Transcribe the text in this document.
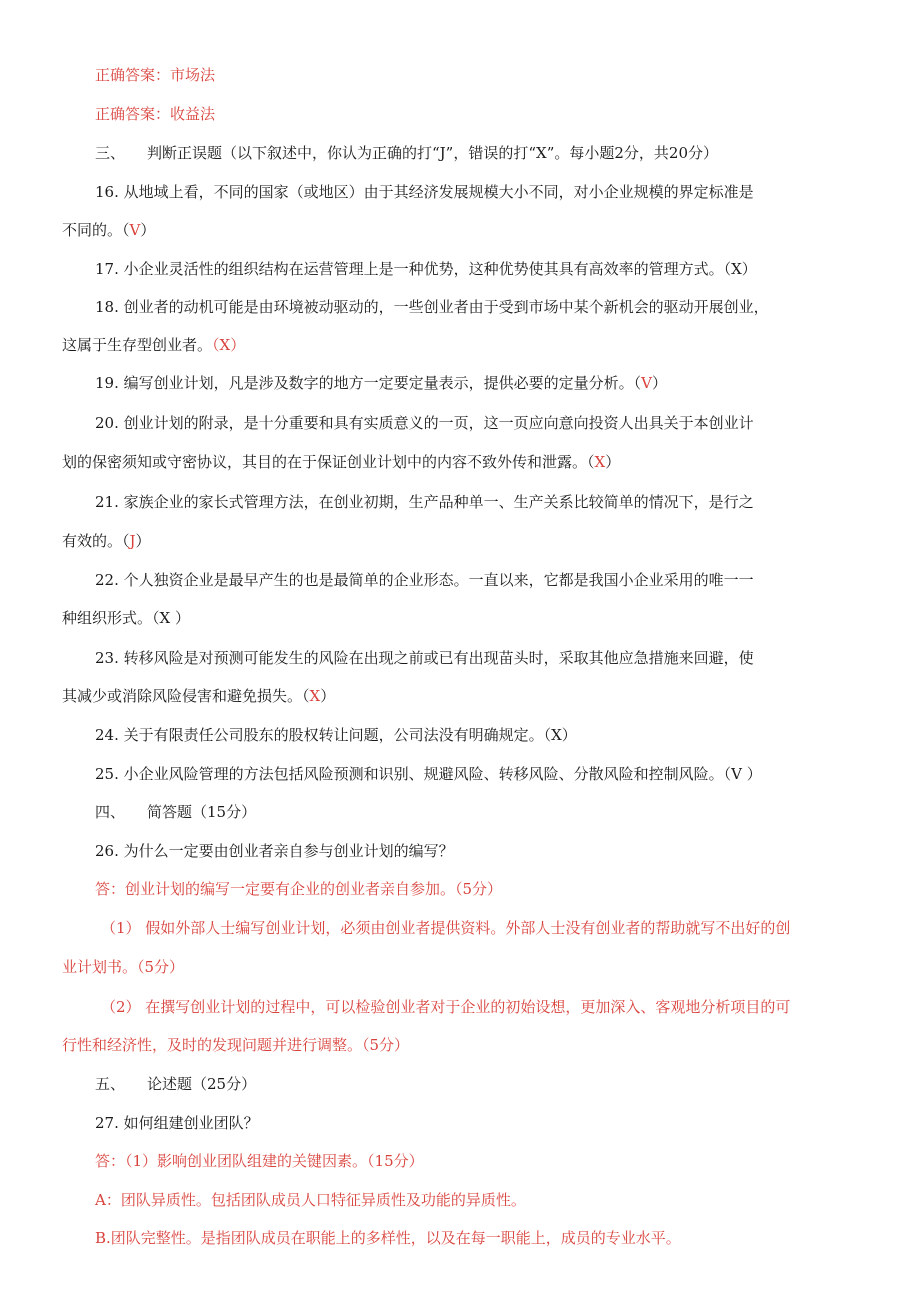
正确答案：市场法
正确答案：收益法
三、 判断正误题（以下叙述中，你认为正确的打“J”，错误的打“X”。每小题2分，共20分）
16. 从地域上看，不同的国家（或地区）由于其经济发展规模大小不同，对小企业规模的界定标准是
不同的。（V）
17. 小企业灵活性的组织结构在运营管理上是一种优势，这种优势使其具有高效率的管理方式。（X）
18. 创业者的动机可能是由环境被动驱动的，一些创业者由于受到市场中某个新机会的驱动开展创业，
这属于生存型创业者。（X）
19. 编写创业计划，凡是涉及数字的地方一定要定量表示，提供必要的定量分析。（V）
20. 创业计划的附录，是十分重要和具有实质意义的一页，这一页应向意向投资人出具关于本创业计
划的保密须知或守密协议，其目的在于保证创业计划中的内容不致外传和泄露。（X）
21. 家族企业的家长式管理方法，在创业初期，生产品种单一、生产关系比较简单的情况下，是行之
有效的。（J）
22. 个人独资企业是最早产生的也是最简单的企业形态。一直以来，它都是我国小企业采用的唯一一
种组织形式。（X ）
23. 转移风险是对预测可能发生的风险在出现之前或已有出现苗头时，采取其他应急措施来回避，使
其减少或消除风险侵害和避免损失。（X）
24. 关于有限责任公司股东的股权转让问题，公司法没有明确规定。（X）
25. 小企业风险管理的方法包括风险预测和识别、规避风险、转移风险、分散风险和控制风险。（V ）
四、 简答题（15分）
26. 为什么一定要由创业者亲自参与创业计划的编写？
答：创业计划的编写一定要有企业的创业者亲自参加。（5分）
（1） 假如外部人士编写创业计划，必须由创业者提供资料。外部人士没有创业者的帮助就写不出好的创
业计划书。（5分）
（2） 在撰写创业计划的过程中，可以检验创业者对于企业的初始设想，更加深入、客观地分析项目的可
行性和经济性，及时的发现问题并进行调整。（5分）
五、 论述题（25分）
27. 如何组建创业团队？
答：（1）影响创业团队组建的关键因素。（15分）
A：团队异质性。包括团队成员人口特征异质性及功能的异质性。
B.团队完整性。是指团队成员在职能上的多样性，以及在每一职能上，成员的专业水平。
